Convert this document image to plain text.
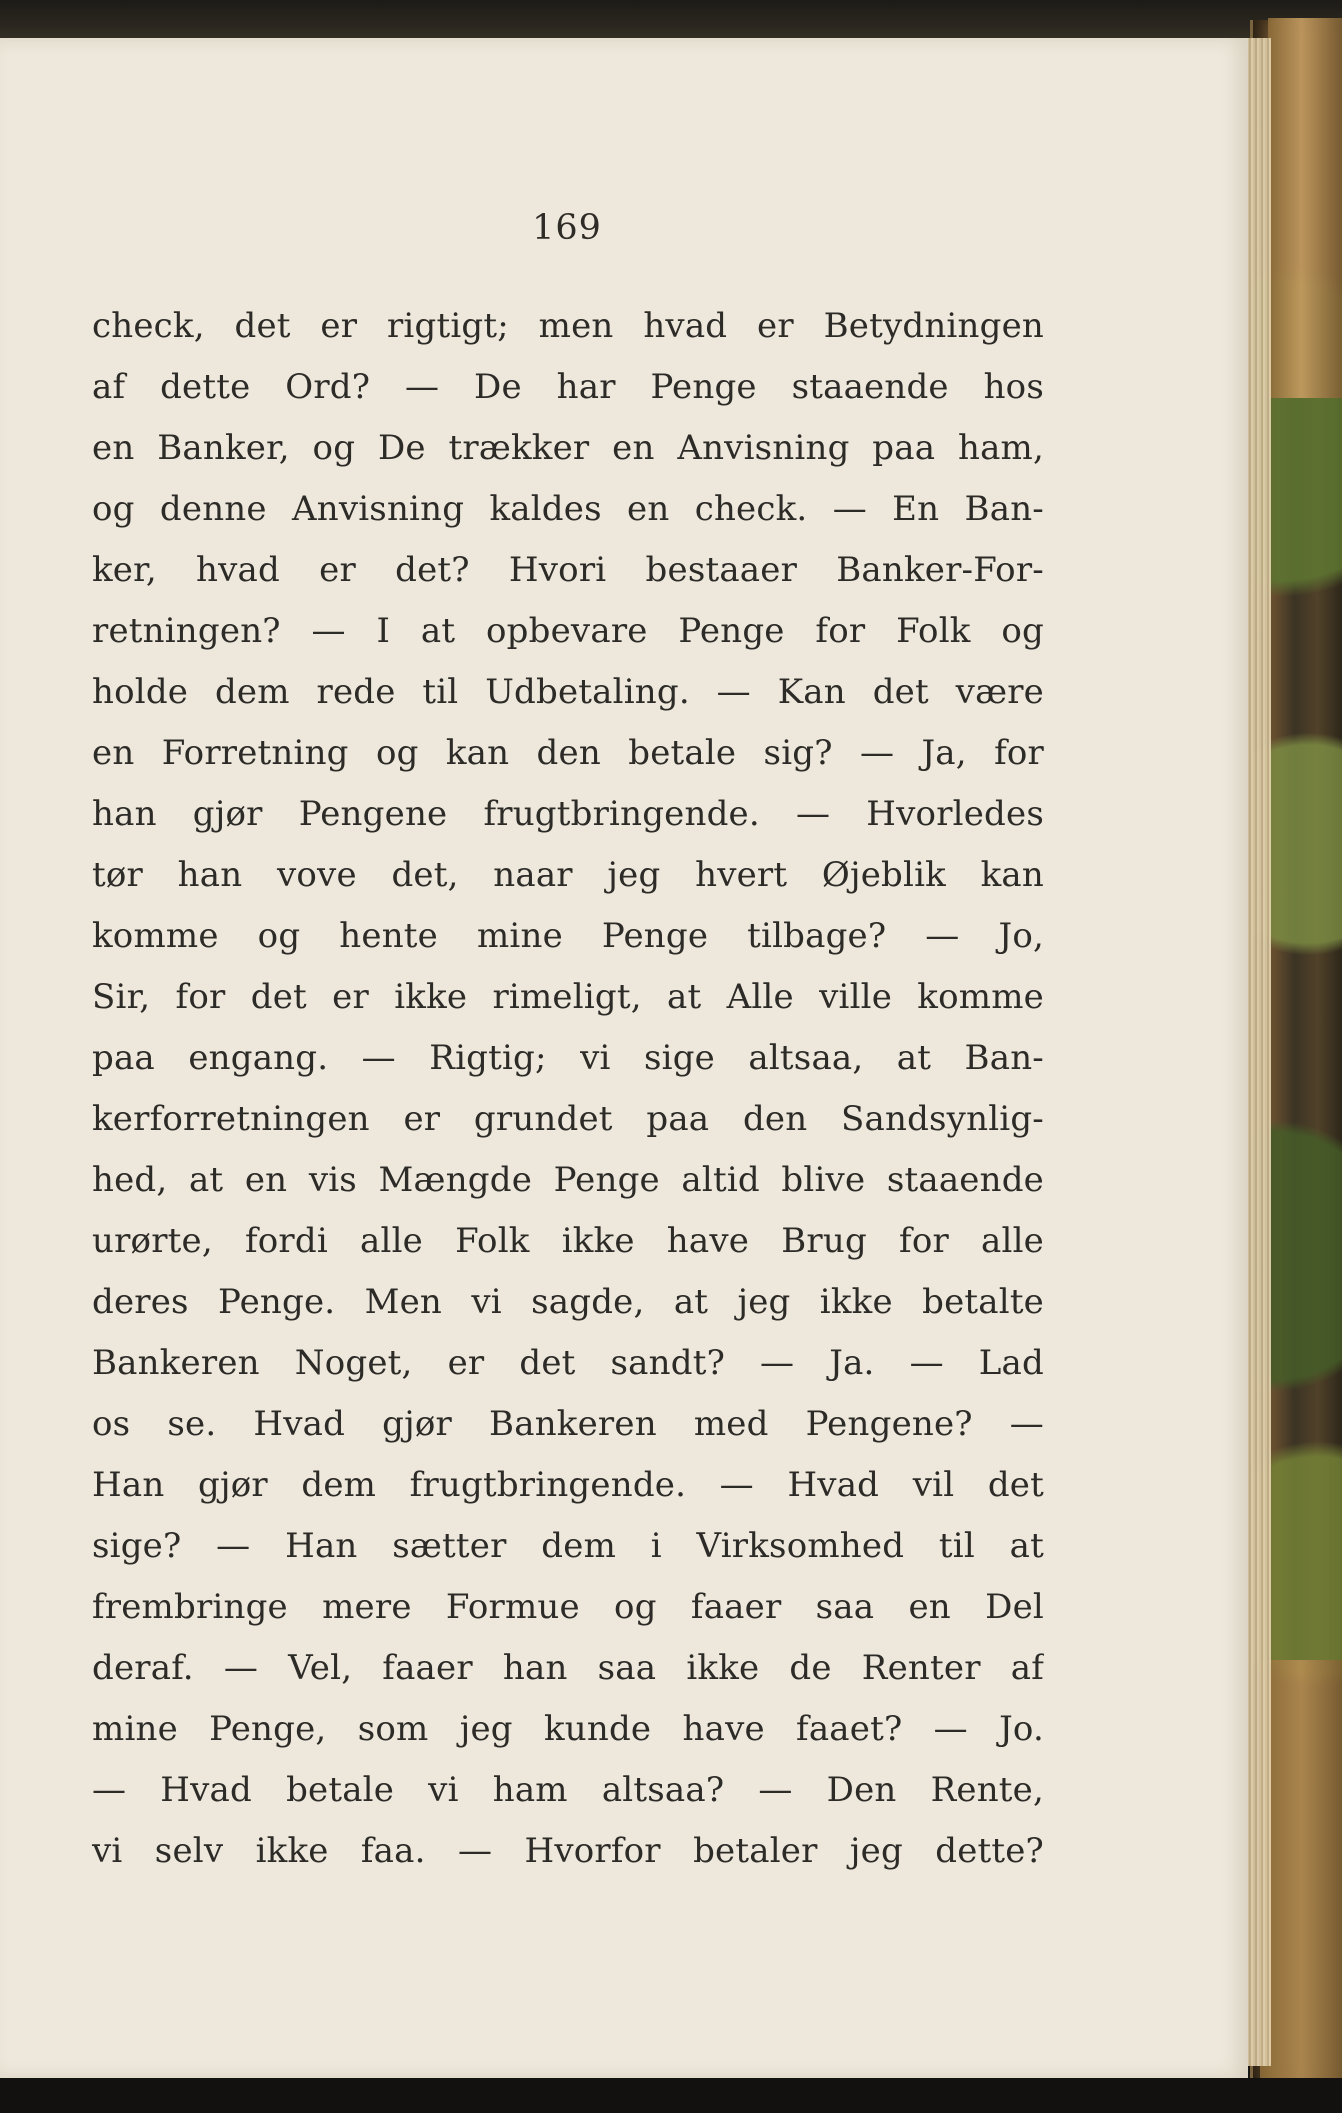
169
check, det er rigtigt; men hvad er Betydningen
af dette Ord? — De har Penge staaende hos
en Banker, og De trækker en Anvisning paa ham,
og denne Anvisning kaldes en check. — En Ban-
ker, hvad er det? Hvori bestaaer Banker-For-
retningen? — I at opbevare Penge for Folk og
holde dem rede til Udbetaling. — Kan det være
en Forretning og kan den betale sig? — Ja, for
han gjør Pengene frugtbringende. — Hvorledes
tør han vove det, naar jeg hvert Øjeblik kan
komme og hente mine Penge tilbage? — Jo,
Sir, for det er ikke rimeligt, at Alle ville komme
paa engang. — Rigtig; vi sige altsaa, at Ban-
kerforretningen er grundet paa den Sandsynlig-
hed, at en vis Mængde Penge altid blive staaende
urørte, fordi alle Folk ikke have Brug for alle
deres Penge. Men vi sagde, at jeg ikke betalte
Bankeren Noget, er det sandt? — Ja. — Lad
os se. Hvad gjør Bankeren med Pengene? —
Han gjør dem frugtbringende. — Hvad vil det
sige? — Han sætter dem i Virksomhed til at
frembringe mere Formue og faaer saa en Del
deraf. — Vel, faaer han saa ikke de Renter af
mine Penge, som jeg kunde have faaet? — Jo.
— Hvad betale vi ham altsaa? — Den Rente,
vi selv ikke faa. — Hvorfor betaler jeg dette?
